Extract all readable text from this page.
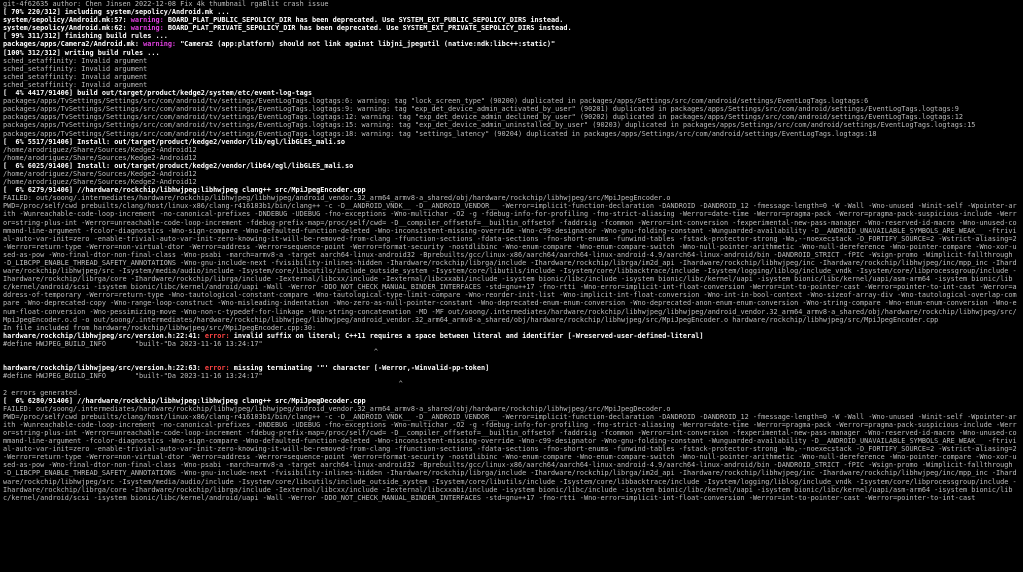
git-4f62635 author: Chen Jinsen 2022-12-08 Fix 4k thumbnail rgaBlit crash issue
[ 70% 220/312] including system/sepolicy/Android.mk ...
system/sepolicy/Android.mk:57: warning: BOARD_PLAT_PUBLIC_SEPOLICY_DIR has been deprecated. Use SYSTEM_EXT_PUBLIC_SEPOLICY_DIRS instead.
system/sepolicy/Android.mk:62: warning: BOARD_PLAT_PRIVATE_SEPOLICY_DIR has been deprecated. Use SYSTEM_EXT_PRIVATE_SEPOLICY_DIRS instead.
[ 99% 311/312] finishing build rules ...
packages/apps/Camera2/Android.mk: warning: "Camera2 (app:platform) should not link against libjni_jpegutil (native:ndk:libc++:static)"
[100% 312/312] writing build rules ...
sched_setaffinity: Invalid argument
sched_setaffinity: Invalid argument
sched_setaffinity: Invalid argument
sched_setaffinity: Invalid argument
[  4% 4417/91406] build out/target/product/kedge2/system/etc/event-log-tags
packages/apps/TvSettings/Settings/src/com/android/tv/settings/EventLogTags.logtags:6: warning: tag "lock_screen_type" (90200) duplicated in packages/apps/Settings/src/com/android/settings/EventLogTags.logtags:6
packages/apps/TvSettings/Settings/src/com/android/tv/settings/EventLogTags.logtags:9: warning: tag "exp_det_device_admin_activated_by_user" (90201) duplicated in packages/apps/Settings/src/com/android/settings/EventLogTags.logtags:9
packages/apps/TvSettings/Settings/src/com/android/tv/settings/EventLogTags.logtags:12: warning: tag "exp_det_device_admin_declined_by_user" (90202) duplicated in packages/apps/Settings/src/com/android/settings/EventLogTags.logtags:12
packages/apps/TvSettings/Settings/src/com/android/tv/settings/EventLogTags.logtags:15: warning: tag "exp_det_device_admin_uninstalled_by_user" (90203) duplicated in packages/apps/Settings/src/com/android/settings/EventLogTags.logtags:15
packages/apps/TvSettings/Settings/src/com/android/tv/settings/EventLogTags.logtags:18: warning: tag "settings_latency" (90204) duplicated in packages/apps/Settings/src/com/android/settings/EventLogTags.logtags:18
[  6% 5517/91406] Install: out/target/product/kedge2/vendor/lib/egl/libGLES_mali.so
/home/arodriguez/Share/Sources/Kedge2-Android12
/home/arodriguez/Share/Sources/Kedge2-Android12
[  6% 6025/91406] Install: out/target/product/kedge2/vendor/lib64/egl/libGLES_mali.so
/home/arodriguez/Share/Sources/Kedge2-Android12
/home/arodriguez/Share/Sources/Kedge2-Android12
[  6% 6279/91406] //hardware/rockchip/libhwjpeg:libhwjpeg clang++ src/MpiJpegEncoder.cpp
FAILED: out/soong/.intermediates/hardware/rockchip/libhwjpeg/libhwjpeg/android_vendor.32_arm64_armv8-a_shared/obj/hardware/rockchip/libhwjpeg/src/MpiJpegEncoder.o
PWD=/proc/self/cwd prebuilts/clang/host/linux-x86/clang-r416183b1/bin/clang++ -c -D__ANDROID_VNDK__ -D__ANDROID_VENDOR__ -Werror=implicit-function-declaration -DANDROID -DANDROID_12 -fmessage-length=0 -W -Wall -Wno-unused -Winit-self -Wpointer-arith -Wunreachable-code-loop-increment -no-canonical-prefixes -DNDEBUG -UDEBUG -fno-exceptions -Wno-multichar -O2 -g -fdebug-info-for-profiling -fno-strict-aliasing -Werror=date-time -Werror=pragma-pack -Werror=pragma-pack-suspicious-include -Werror=string-plus-int -Werror=unreachable-code-loop-increment -fdebug-prefix-map=/proc/self/cwd= -D__compiler_offsetof=__builtin_offsetof -faddrsig -fcommon -Werror=int-conversion -fexperimental-new-pass-manager -Wno-reserved-id-macro -Wno-unused-command-line-argument -fcolor-diagnostics -Wno-sign-compare -Wno-defaulted-function-deleted -Wno-inconsistent-missing-override -Wno-c99-designator -Wno-gnu-folding-constant -Wunguarded-availability -D__ANDROID_UNAVAILABLE_SYMBOLS_ARE_WEAK__ -ftrivial-auto-var-init=zero -enable-trivial-auto-var-init-zero-knowing-it-will-be-removed-from-clang -ffunction-sections -fdata-sections -fno-short-enums -funwind-tables -fstack-protector-strong -Wa,--noexecstack -D_FORTIFY_SOURCE=2 -Wstrict-aliasing=2 -Werror=return-type -Werror=non-virtual-dtor -Werror=address -Werror=sequence-point -Werror=format-security -nostdlibinc -Wno-enum-compare -Wno-enum-compare-switch -Wno-null-pointer-arithmetic -Wno-null-dereference -Wno-pointer-compare -Wno-xor-used-as-pow -Wno-final-dtor-non-final-class -Wno-psabi -march=armv8-a -target aarch64-linux-android32 -Bprebuilts/gcc/linux-x86/aarch64/aarch64-linux-android-4.9/aarch64-linux-android/bin -DANDROID_STRICT -fPIC -Wsign-promo -Wimplicit-fallthrough -D_LIBCPP_ENABLE_THREAD_SAFETY_ANNOTATIONS -Wno-gnu-include-next -fvisibility-inlines-hidden -Ihardware/rockchip/librga/include -Ihardware/rockchip/librga/im2d_api -Ihardware/rockchip/libhwjpeg/inc -Ihardware/rockchip/libhwjpeg/inc/mpp_inc -Ihardware/rockchip/libhwjpeg/src -Isystem/media/audio/include -Isystem/core/libcutils/include_outside_system -Isystem/core/libutils/include -Isystem/core/libbacktrace/include -Isystem/logging/liblog/include_vndk -Isystem/core/libprocessgroup/include -Ihardware/rockchip/librga/core -Ihardware/rockchip/librga/include -Iexternal/libcxx/include -Iexternal/libcxxabi/include -isystem bionic/libc/include -isystem bionic/libc/kernel/uapi -isystem bionic/libc/kernel/uapi/asm-arm64 -isystem bionic/libc/kernel/android/scsi -isystem bionic/libc/kernel/android/uapi -Wall -Werror -DDO_NOT_CHECK_MANUAL_BINDER_INTERFACES -std=gnu++17 -fno-rtti -Wno-error=implicit-int-float-conversion -Werror=int-to-pointer-cast -Werror=pointer-to-int-cast -Werror=address-of-temporary -Werror=return-type -Wno-tautological-constant-compare -Wno-tautological-type-limit-compare -Wno-reorder-init-list -Wno-implicit-int-float-conversion -Wno-int-in-bool-context -Wno-sizeof-array-div -Wno-tautological-overlap-compare -Wno-deprecated-copy -Wno-range-loop-construct -Wno-misleading-indentation -Wno-zero-as-null-pointer-constant -Wno-deprecated-enum-enum-conversion -Wno-deprecated-anon-enum-enum-conversion -Wno-string-compare -Wno-enum-enum-conversion -Wno-enum-float-conversion -Wno-pessimizing-move -Wno-non-c-typedef-for-linkage -Wno-string-concatenation -MD -MF out/soong/.intermediates/hardware/rockchip/libhwjpeg/libhwjpeg/android_vendor.32_arm64_armv8-a_shared/obj/hardware/rockchip/libhwjpeg/src/MpiJpegEncoder.o.d -o out/soong/.intermediates/hardware/rockchip/libhwjpeg/libhwjpeg/android_vendor.32_arm64_armv8-a_shared/obj/hardware/rockchip/libhwjpeg/src/MpiJpegEncoder.o hardware/rockchip/libhwjpeg/src/MpiJpegEncoder.cpp
In file included from hardware/rockchip/libhwjpeg/src/MpiJpegEncoder.cpp:30:
hardware/rockchip/libhwjpeg/src/version.h:22:41: error: invalid suffix on literal; C++11 requires a space between literal and identifier [-Wreserved-user-defined-literal]
#define HWJPEG_BUILD_INFO       "built-"Da 2023-11-16 13:24:17"
^
hardware/rockchip/libhwjpeg/src/version.h:22:63: error: missing terminating '"' character [-Werror,-Winvalid-pp-token]
#define HWJPEG_BUILD_INFO       "built-"Da 2023-11-16 13:24:17"
^
2 errors generated.
[  6% 6280/91406] //hardware/rockchip/libhwjpeg:libhwjpeg clang++ src/MpiJpegDecoder.cpp
FAILED: out/soong/.intermediates/hardware/rockchip/libhwjpeg/libhwjpeg/android_vendor.32_arm64_armv8-a_shared/obj/hardware/rockchip/libhwjpeg/src/MpiJpegDecoder.o
PWD=/proc/self/cwd prebuilts/clang/host/linux-x86/clang-r416183b1/bin/clang++ -c -D__ANDROID_VNDK__ -D__ANDROID_VENDOR__ -Werror=implicit-function-declaration -DANDROID -DANDROID_12 -fmessage-length=0 -W -Wall -Wno-unused -Winit-self -Wpointer-arith -Wunreachable-code-loop-increment -no-canonical-prefixes -DNDEBUG -UDEBUG -fno-exceptions -Wno-multichar -O2 -g -fdebug-info-for-profiling -fno-strict-aliasing -Werror=date-time -Werror=pragma-pack -Werror=pragma-pack-suspicious-include -Werror=string-plus-int -Werror=unreachable-code-loop-increment -fdebug-prefix-map=/proc/self/cwd= -D__compiler_offsetof=__builtin_offsetof -faddrsig -fcommon -Werror=int-conversion -fexperimental-new-pass-manager -Wno-reserved-id-macro -Wno-unused-command-line-argument -fcolor-diagnostics -Wno-sign-compare -Wno-defaulted-function-deleted -Wno-inconsistent-missing-override -Wno-c99-designator -Wno-gnu-folding-constant -Wunguarded-availability -D__ANDROID_UNAVAILABLE_SYMBOLS_ARE_WEAK__ -ftrivial-auto-var-init=zero -enable-trivial-auto-var-init-zero-knowing-it-will-be-removed-from-clang -ffunction-sections -fdata-sections -fno-short-enums -funwind-tables -fstack-protector-strong -Wa,--noexecstack -D_FORTIFY_SOURCE=2 -Wstrict-aliasing=2 -Werror=return-type -Werror=non-virtual-dtor -Werror=address -Werror=sequence-point -Werror=format-security -nostdlibinc -Wno-enum-compare -Wno-enum-compare-switch -Wno-null-pointer-arithmetic -Wno-null-dereference -Wno-pointer-compare -Wno-xor-used-as-pow -Wno-final-dtor-non-final-class -Wno-psabi -march=armv8-a -target aarch64-linux-android32 -Bprebuilts/gcc/linux-x86/aarch64/aarch64-linux-android-4.9/aarch64-linux-android/bin -DANDROID_STRICT -fPIC -Wsign-promo -Wimplicit-fallthrough -D_LIBCPP_ENABLE_THREAD_SAFETY_ANNOTATIONS -Wno-gnu-include-next -fvisibility-inlines-hidden -Ihardware/rockchip/librga/include -Ihardware/rockchip/librga/im2d_api -Ihardware/rockchip/libhwjpeg/inc -Ihardware/rockchip/libhwjpeg/inc/mpp_inc -Ihardware/rockchip/libhwjpeg/src -Isystem/media/audio/include -Isystem/core/libcutils/include_outside_system -Isystem/core/libutils/include -Isystem/core/libbacktrace/include -Isystem/logging/liblog/include_vndk -Isystem/core/libprocessgroup/include -Ihardware/rockchip/librga/core -Ihardware/rockchip/librga/include -Iexternal/libcxx/include -Iexternal/libcxxabi/include -isystem bionic/libc/include -isystem bionic/libc/kernel/uapi -isystem bionic/libc/kernel/uapi/asm-arm64 -isystem bionic/libc/kernel/android/scsi -isystem bionic/libc/kernel/android/uapi -Wall -Werror -DDO_NOT_CHECK_MANUAL_BINDER_INTERFACES -std=gnu++17 -fno-rtti -Wno-error=implicit-int-float-conversion -Werror=int-to-pointer-cast -Werror=pointer-to-int-cast
